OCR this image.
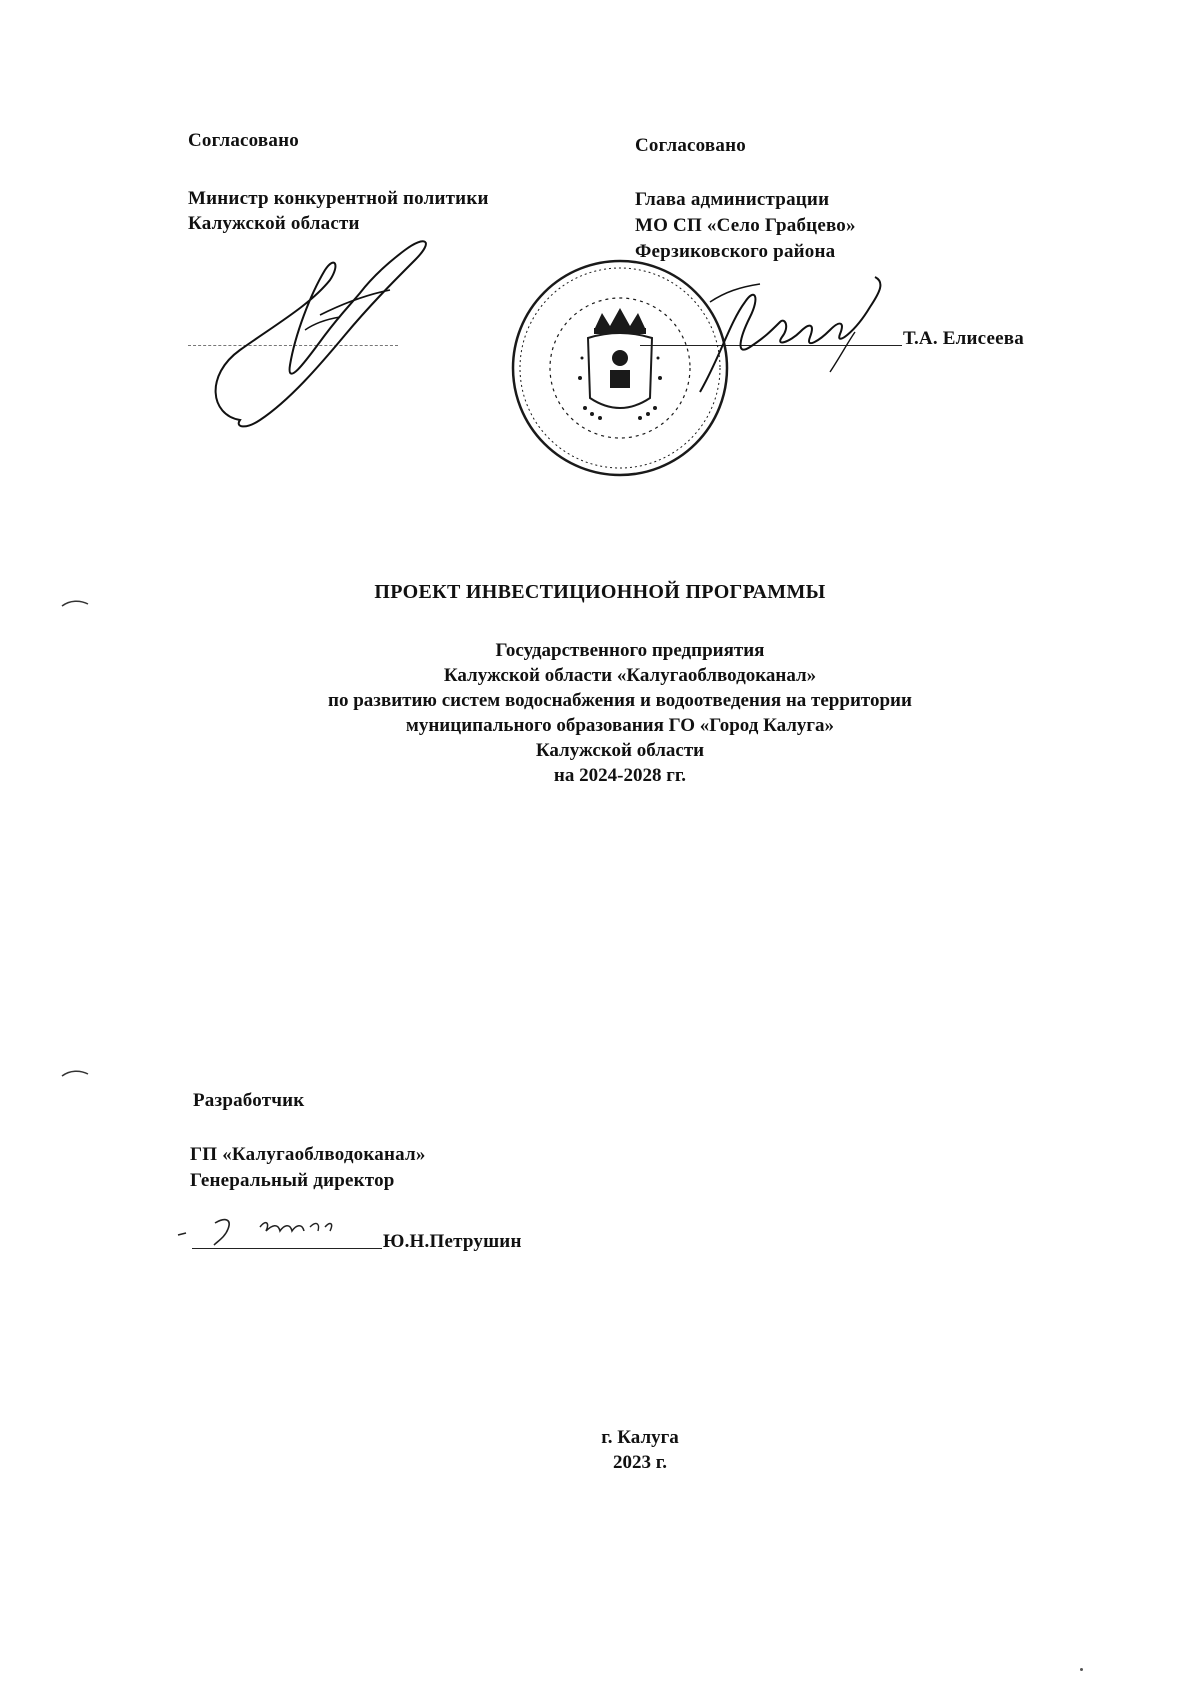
Согласовано
Министр конкурентной политики
Калужской области
Согласовано
Глава администрации
МО СП «Село Грабцево»
Ферзиковского района
Т.А. Елисеева
ПРОЕКТ ИНВЕСТИЦИОННОЙ ПРОГРАММЫ
Государственного предприятия
Калужской области «Калугаоблводоканал»
по развитию систем водоснабжения и водоотведения на территории
муниципального образования ГО «Город Калуга»
Калужской области
на 2024-2028 гг.
Разработчик
ГП «Калугаоблводоканал»
Генеральный директор
Ю.Н.Петрушин
г. Калуга
2023 г.
